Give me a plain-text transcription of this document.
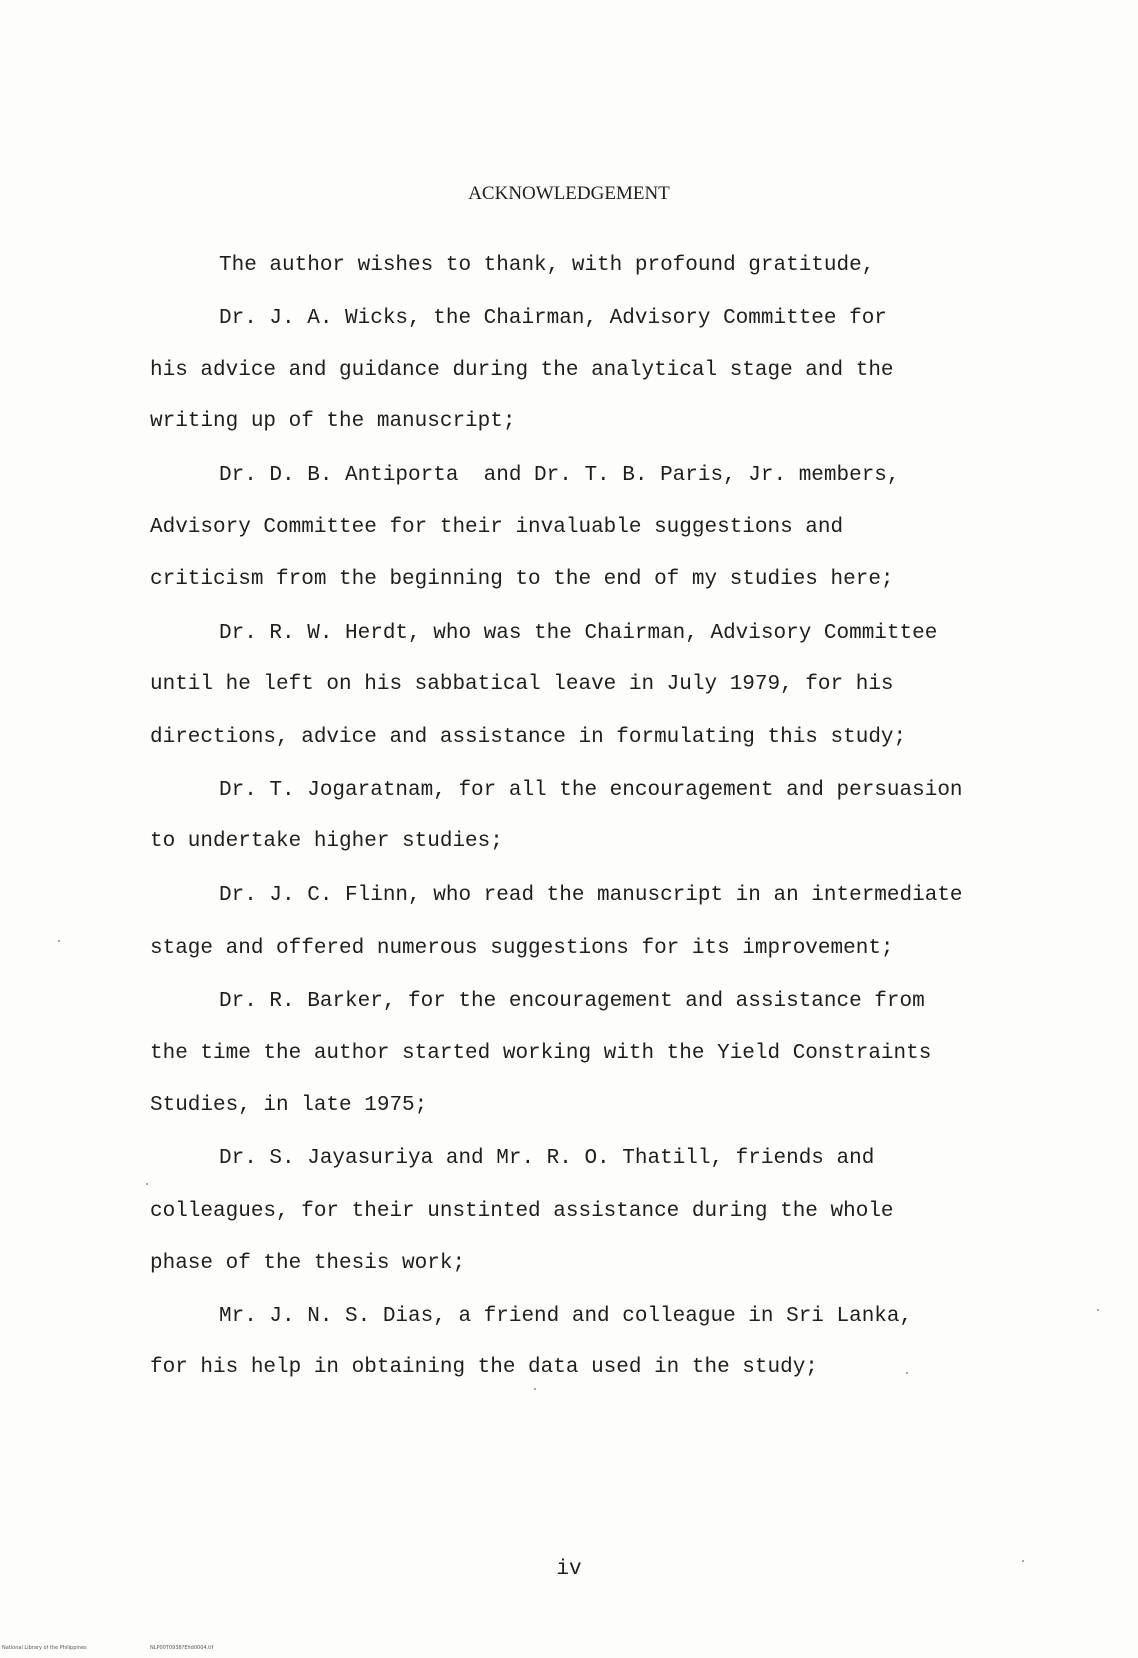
ACKNOWLEDGEMENT
The author wishes to thank, with profound gratitude,
Dr. J. A. Wicks, the Chairman, Advisory Committee for
his advice and guidance during the analytical stage and the
writing up of the manuscript;
Dr. D. B. Antiporta  and Dr. T. B. Paris, Jr. members,
Advisory Committee for their invaluable suggestions and
criticism from the beginning to the end of my studies here;
Dr. R. W. Herdt, who was the Chairman, Advisory Committee
until he left on his sabbatical leave in July 1979, for his
directions, advice and assistance in formulating this study;
Dr. T. Jogaratnam, for all the encouragement and persuasion
to undertake higher studies;
Dr. J. C. Flinn, who read the manuscript in an intermediate
stage and offered numerous suggestions for its improvement;
Dr. R. Barker, for the encouragement and assistance from
the time the author started working with the Yield Constraints
Studies, in late 1975;
Dr. S. Jayasuriya and Mr. R. O. Thatill, friends and
colleagues, for their unstinted assistance during the whole
phase of the thesis work;
Mr. J. N. S. Dias, a friend and colleague in Sri Lanka,
for his help in obtaining the data used in the study;
iv
National Library of the Philippines	NLP00T0938?Ehd0004.tif
